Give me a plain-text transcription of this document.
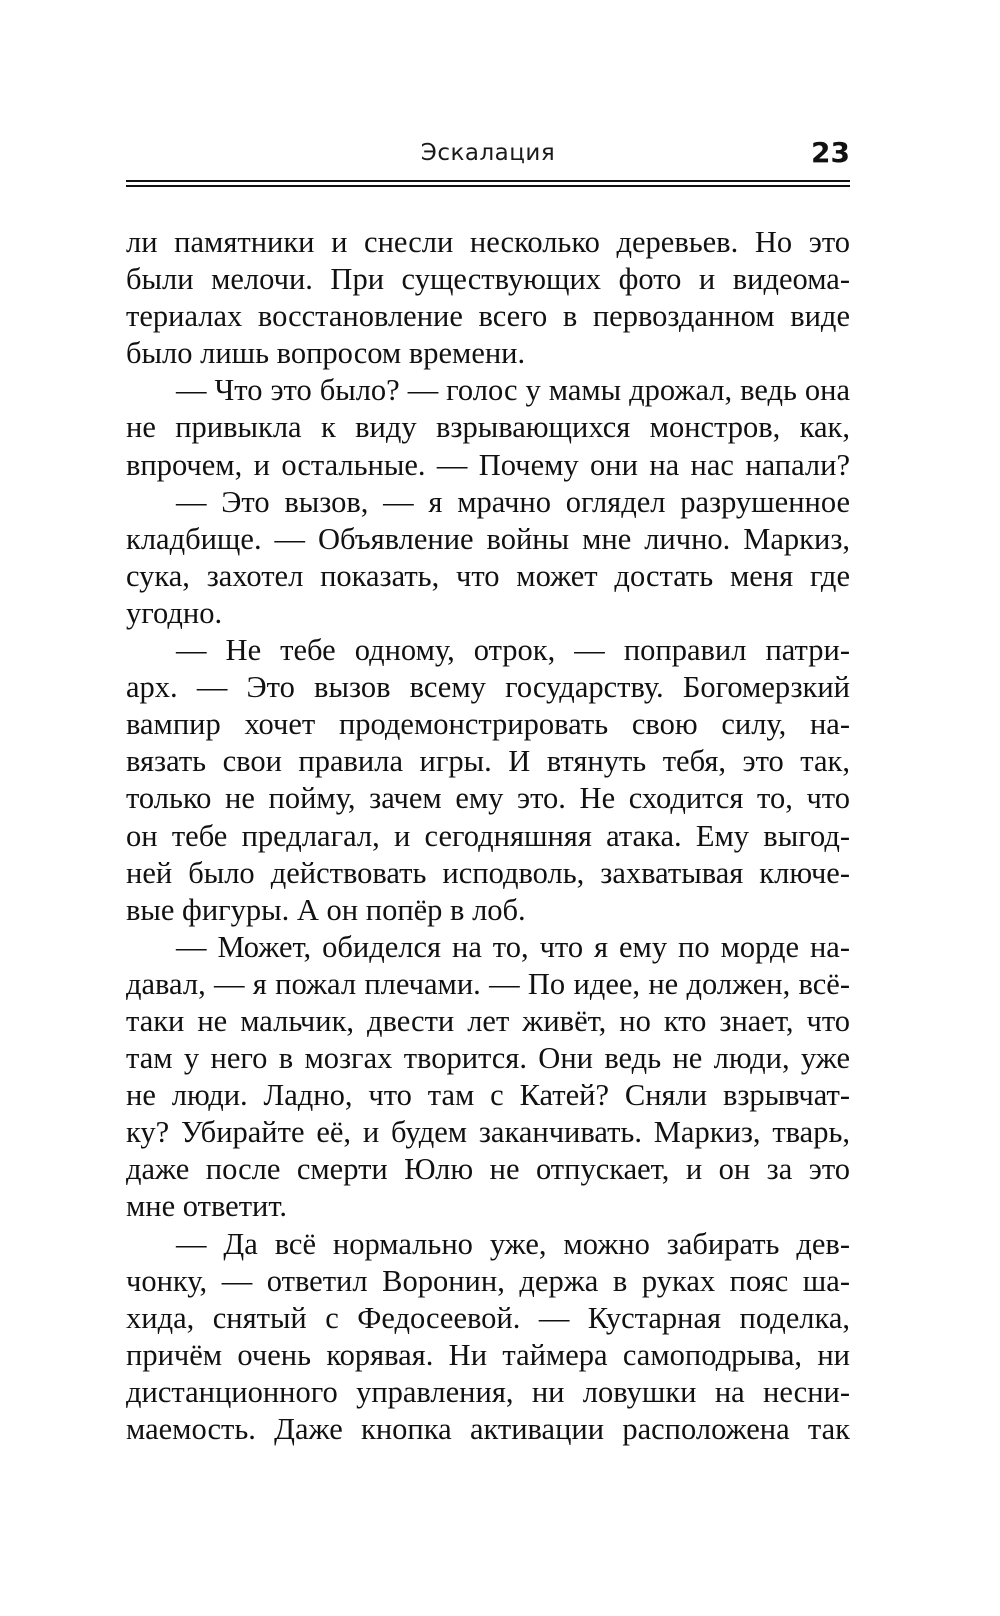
Эскалация	23
ли памятники и снесли несколько деревьев. Но это
были мелочи. При существующих фото и видеома-
териалах восстановление всего в первозданном виде
было лишь вопросом времени.
— Что это было? — голос у мамы дрожал, ведь она
не привыкла к виду взрывающихся монстров, как,
впрочем, и остальные. — Почему они на нас напали?
— Это вызов, — я мрачно оглядел разрушенное
кладбище. — Объявление войны мне лично. Маркиз,
сука, захотел показать, что может достать меня где
угодно.
— Не тебе одному, отрок, — поправил патри-
арх. — Это вызов всему государству. Богомерзкий
вампир хочет продемонстрировать свою силу, на-
вязать свои правила игры. И втянуть тебя, это так,
только не пойму, зачем ему это. Не сходится то, что
он тебе предлагал, и сегодняшняя атака. Ему выгод-
ней было действовать исподволь, захватывая ключе-
вые фигуры. А он попёр в лоб.
— Может, обиделся на то, что я ему по морде на-
давал, — я пожал плечами. — По идее, не должен, всё-
таки не мальчик, двести лет живёт, но кто знает, что
там у него в мозгах творится. Они ведь не люди, уже
не люди. Ладно, что там с Катей? Сняли взрывчат-
ку? Убирайте её, и будем заканчивать. Маркиз, тварь,
даже после смерти Юлю не отпускает, и он за это
мне ответит.
— Да всё нормально уже, можно забирать дев-
чонку, — ответил Воронин, держа в руках пояс ша-
хида, снятый с Федосеевой. — Кустарная поделка,
причём очень корявая. Ни таймера самоподрыва, ни
дистанционного управления, ни ловушки на несни-
маемость. Даже кнопка активации расположена так
